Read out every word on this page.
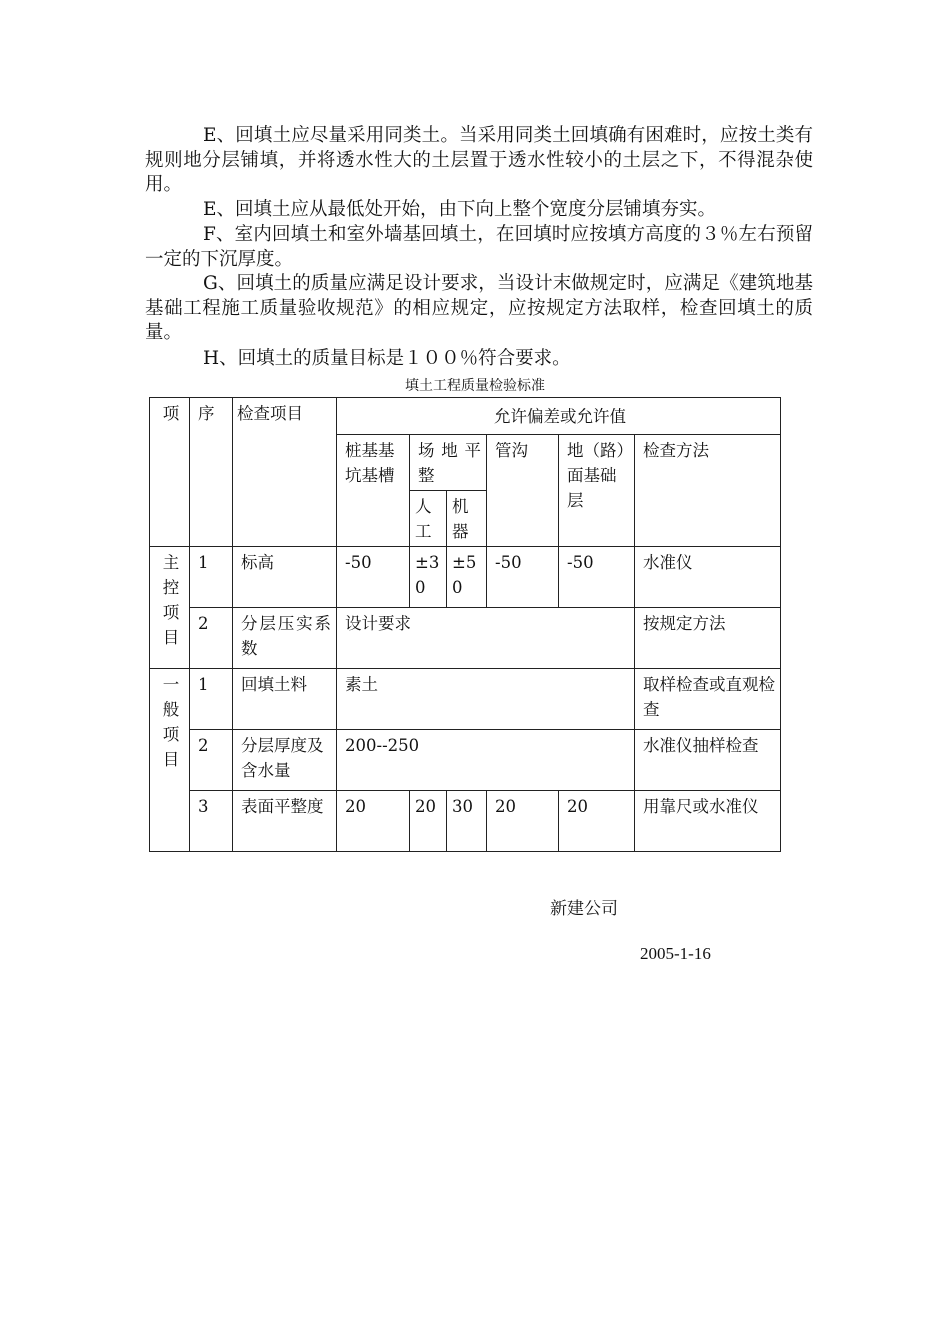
E、回填土应尽量采用同类土。当采用同类土回填确有困难时，应按土类有规则地分层铺填，并将透水性大的土层置于透水性较小的土层之下，不得混杂使用。

E、回填土应从最低处开始，由下向上整个宽度分层铺填夯实。

F、室内回填土和室外墙基回填土，在回填时应按填方高度的３％左右预留一定的下沉厚度。

G、回填土的质量应满足设计要求，当设计末做规定时，应满足《建筑地基基础工程施工质量验收规范》的相应规定，应按规定方法取样，检查回填土的质量。

H、回填土的质量目标是１００％符合要求。

填土工程质量检验标准
项	序	检查项目	允许偏差或允许值					
			桩基基坑基槽	场地平整		管沟	地（路）面基础层	检查方法
				人工	机器			
主控项目	1	标高	-50	±30	±50	-50	-50	水准仪
	2	分层压实系数	设计要求					按规定方法
一般项目	1	回填土料	素土					取样检查或直观检查
	2	分层厚度及含水量	200--250					水准仪抽样检查
	3	表面平整度	20	20	30	20	20	用靠尺或水准仪
新建公司
2005-1-16
